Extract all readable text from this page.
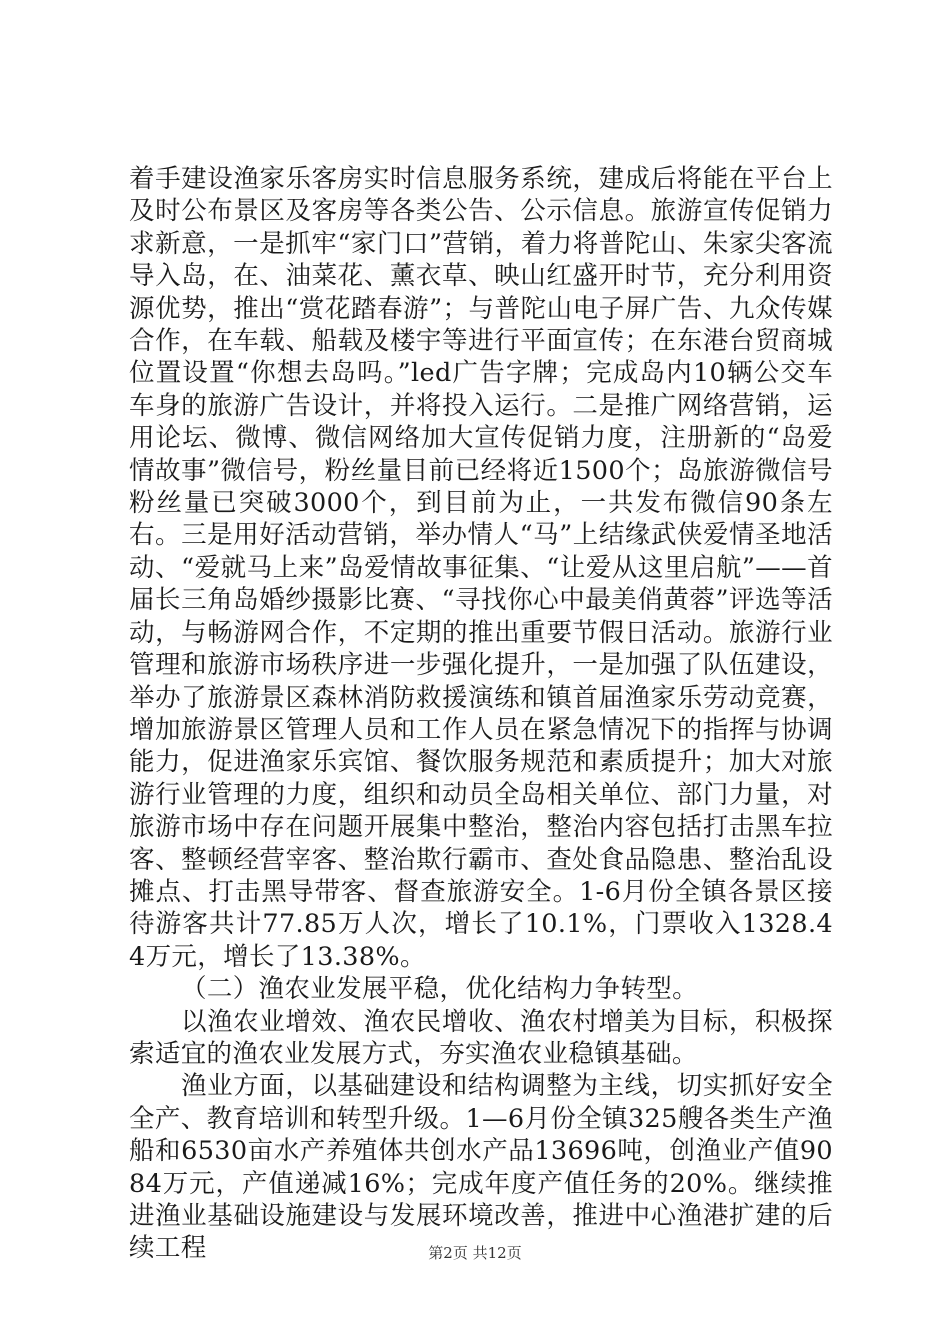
着手建设渔家乐客房实时信息服务系统，建成后将能在平台上及时公布景区及客房等各类公告、公示信息。旅游宣传促销力求新意，一是抓牢“家门口”营销，着力将普陀山、朱家尖客流导入岛，在、油菜花、薰衣草、映山红盛开时节，充分利用资源优势，推出“赏花踏春游”；与普陀山电子屏广告、九众传媒合作，在车载、船载及楼宇等进行平面宣传；在东港台贸商城位置设置“你想去岛吗。”led广告字牌；完成岛内10辆公交车车身的旅游广告设计，并将投入运行。二是推广网络营销，运用论坛、微博、微信网络加大宣传促销力度，注册新的“岛爱情故事”微信号，粉丝量目前已经将近1500个；岛旅游微信号粉丝量已突破3000个，到目前为止，一共发布微信90条左右。三是用好活动营销，举办情人“马”上结缘武侠爱情圣地活动、“爱就马上来”岛爱情故事征集、“让爱从这里启航”——首届长三角岛婚纱摄影比赛、“寻找你心中最美俏黄蓉”评选等活动，与畅游网合作，不定期的推出重要节假日活动。旅游行业管理和旅游市场秩序进一步强化提升，一是加强了队伍建设，举办了旅游景区森林消防救援演练和镇首届渔家乐劳动竞赛，增加旅游景区管理人员和工作人员在紧急情况下的指挥与协调能力，促进渔家乐宾馆、餐饮服务规范和素质提升；加大对旅游行业管理的力度，组织和动员全岛相关单位、部门力量，对旅游市场中存在问题开展集中整治，整治内容包括打击黑车拉客、整顿经营宰客、整治欺行霸市、查处食品隐患、整治乱设摊点、打击黑导带客、督查旅游安全。1-6月份全镇各景区接待游客共计77.85万人次，增长了10.1%，门票收入1328.44万元，增长了13.38%。

（二）渔农业发展平稳，优化结构力争转型。

以渔农业增效、渔农民增收、渔农村增美为目标，积极探索适宜的渔农业发展方式，夯实渔农业稳镇基础。

渔业方面，以基础建设和结构调整为主线，切实抓好安全全产、教育培训和转型升级。1—6月份全镇325艘各类生产渔船和6530亩水产养殖体共创水产品13696吨，创渔业产值9084万元，产值递减16%；完成年度产值任务的20%。继续推进渔业基础设施建设与发展环境改善，推进中心渔港扩建的后续工程	第2页 共12页
